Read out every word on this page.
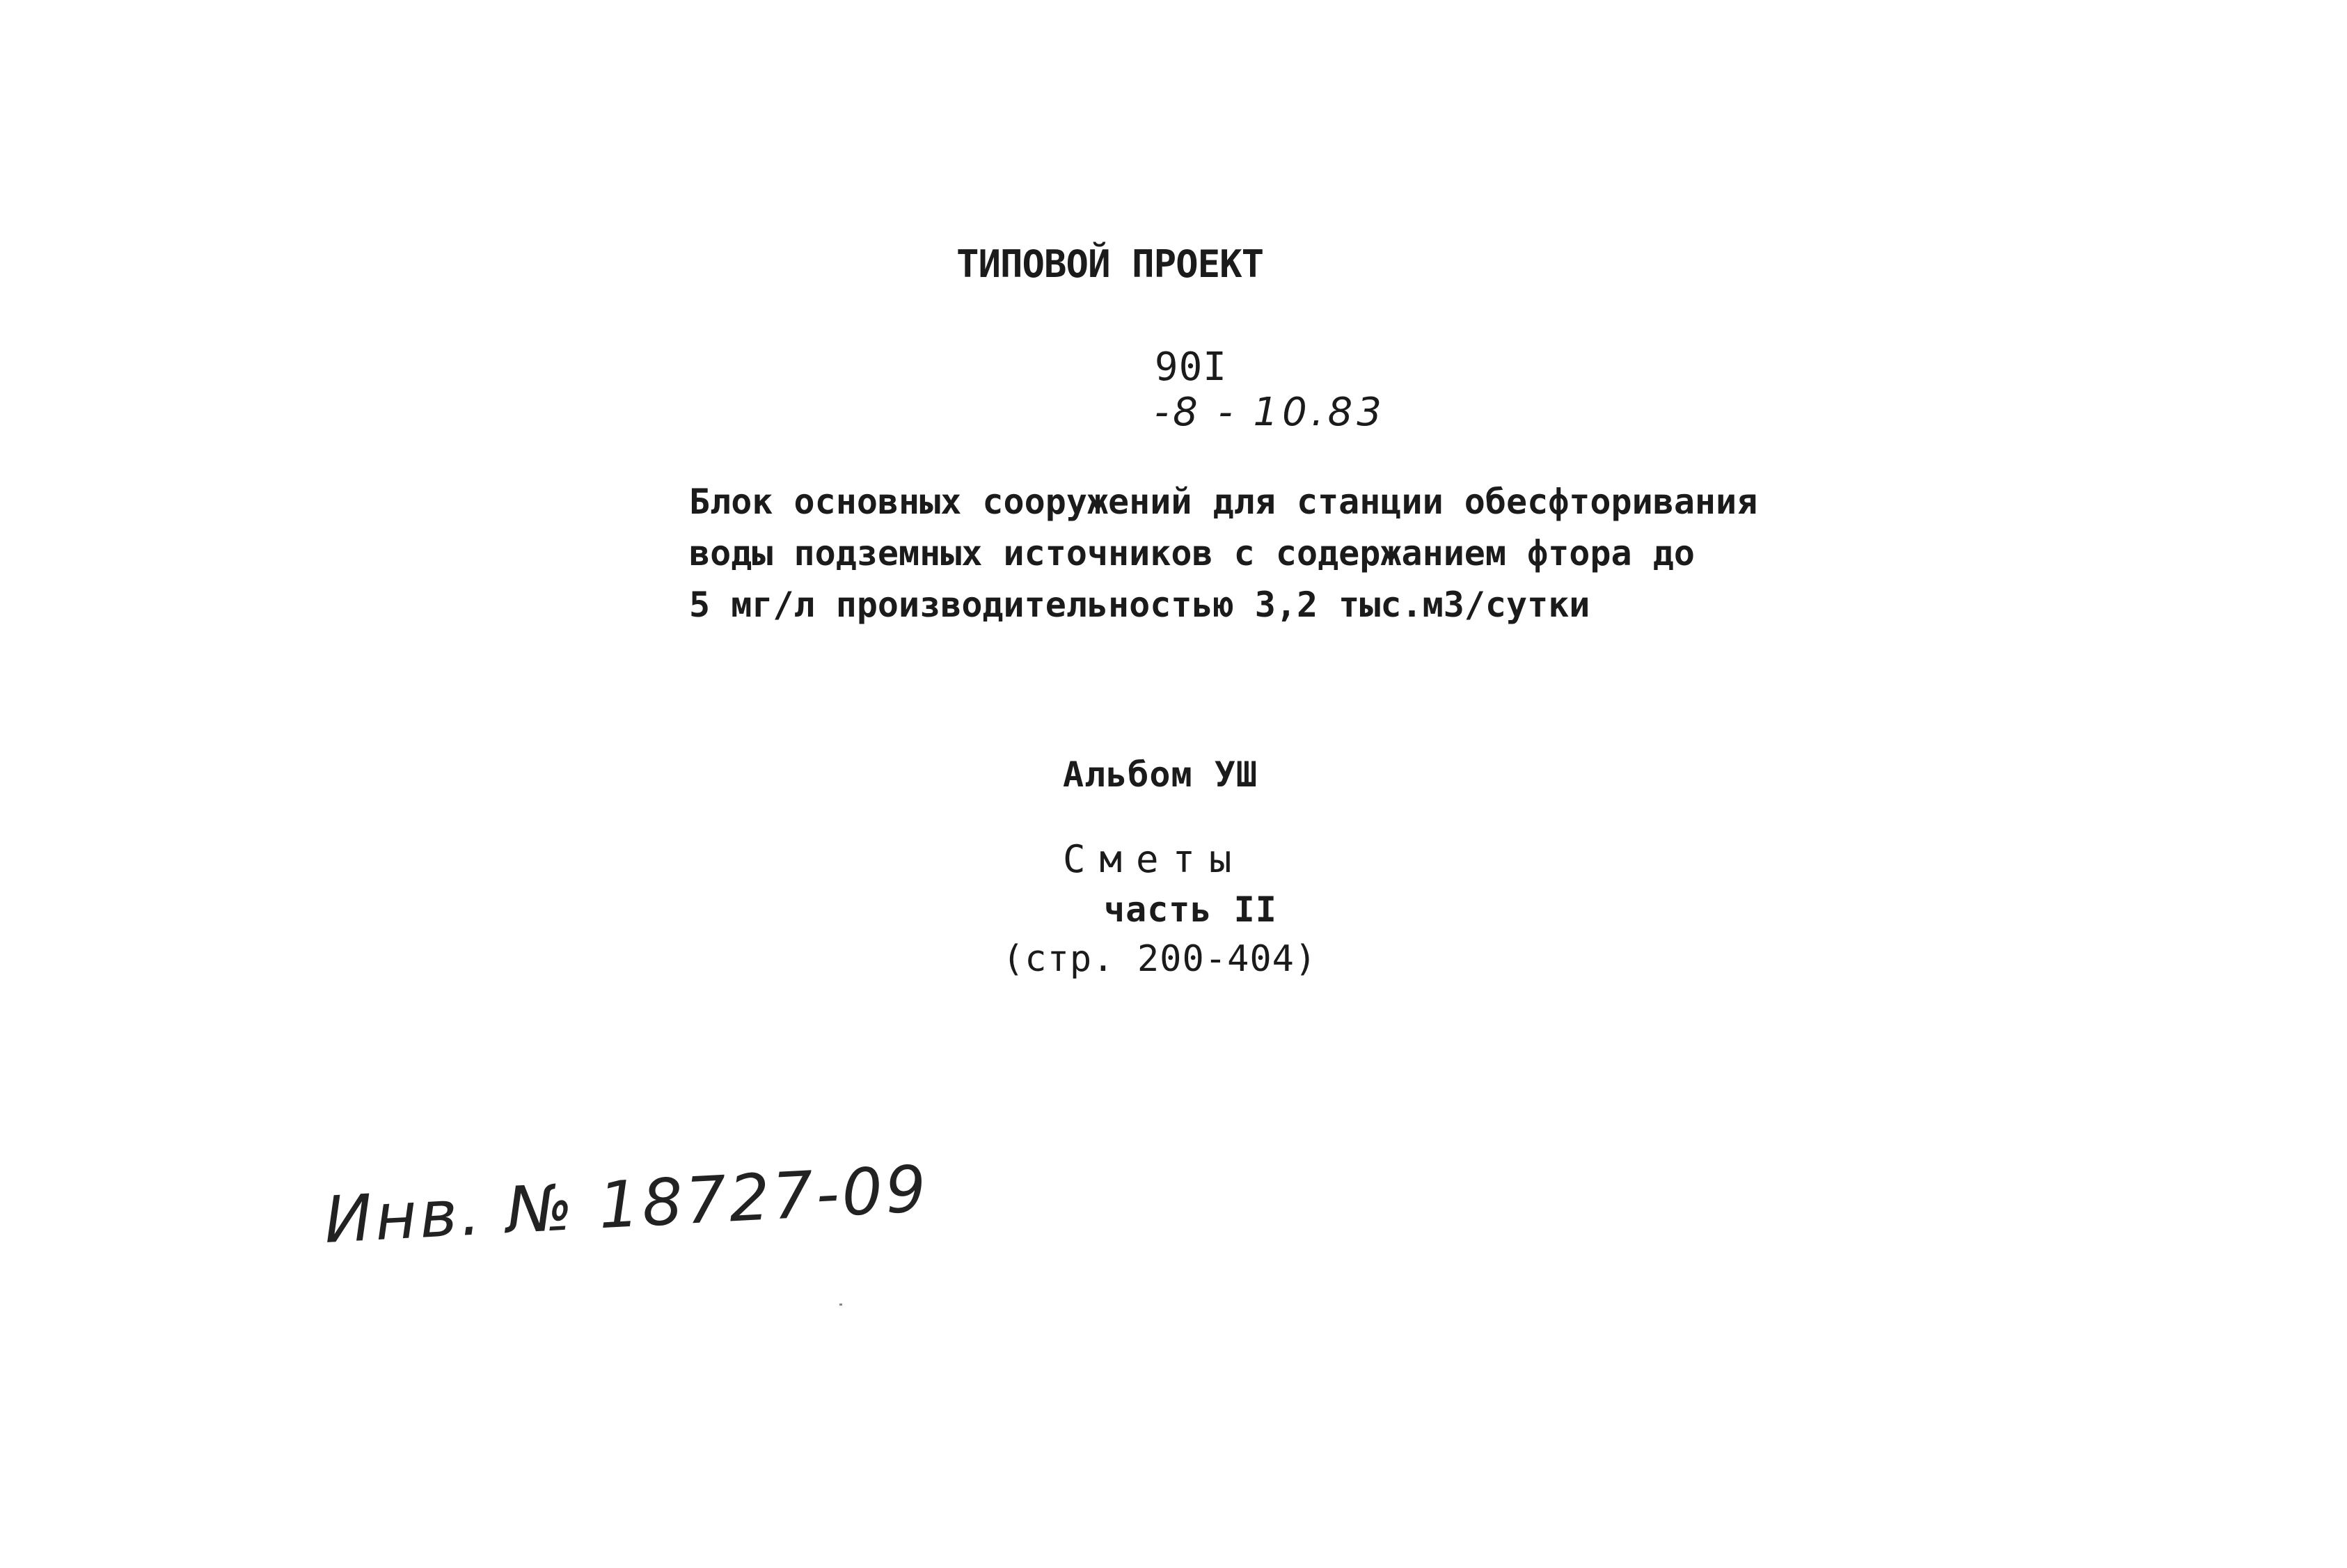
ТИПОВОЙ ПРОЕКТ

90I
-8 - 10.83

Блок основных сооружений для станции обесфторивания
воды подземных источников с содержанием фтора до
5 мг/л производительностью 3,2 тыс.м3/сутки
Альбом УШ
Сметы
часть II
(стр. 200-404)
Инв. № 18727-09
